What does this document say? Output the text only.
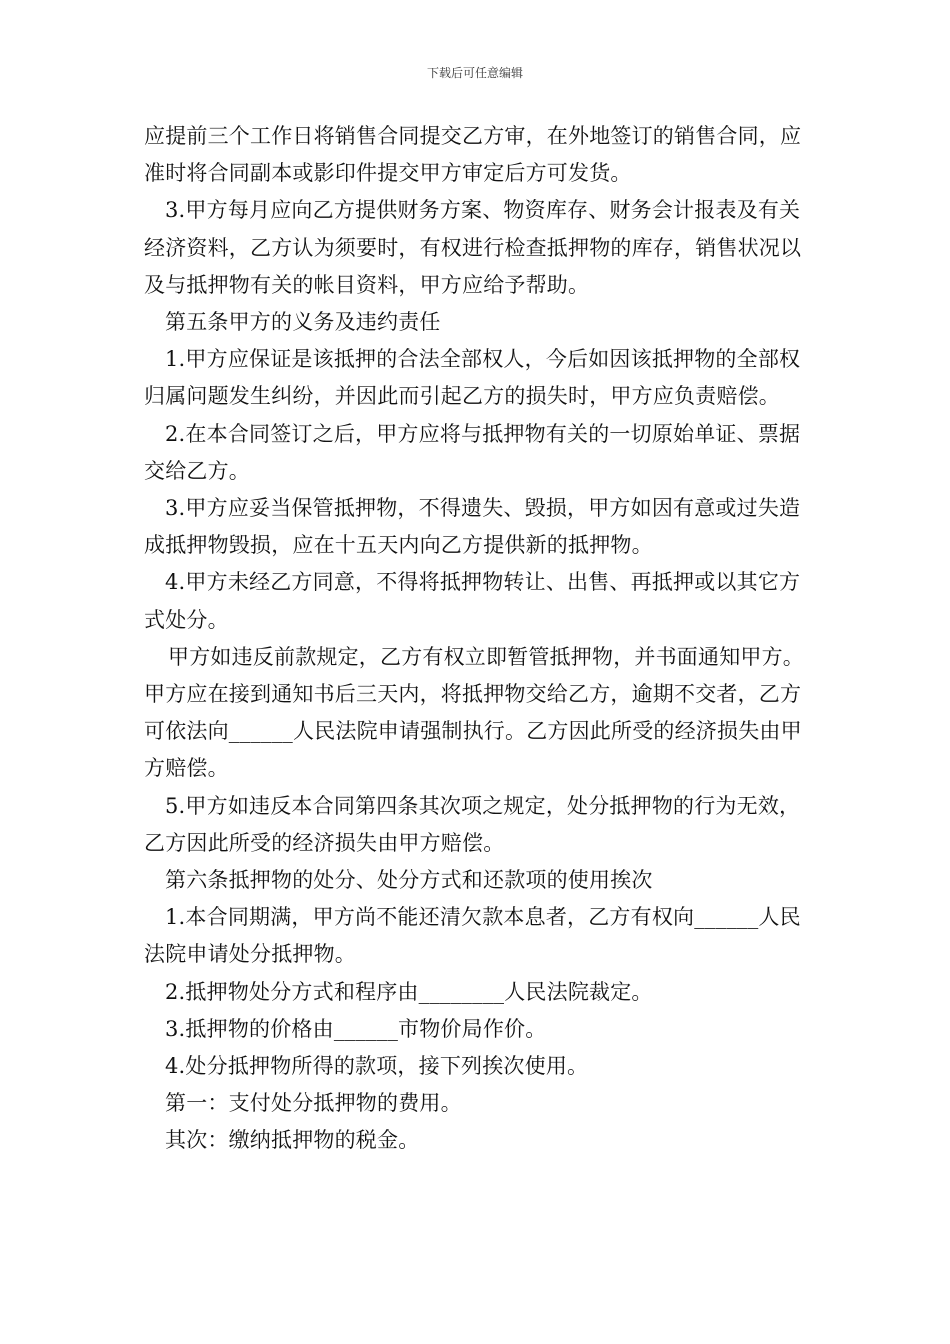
下载后可任意编辑

应提前三个工作日将销售合同提交乙方审，在外地签订的销售合同，应准时将合同副本或影印件提交甲方审定后方可发货。

3.甲方每月应向乙方提供财务方案、物资库存、财务会计报表及有关经济资料，乙方认为须要时，有权进行检查抵押物的库存，销售状况以及与抵押物有关的帐目资料，甲方应给予帮助。

第五条甲方的义务及违约责任

1.甲方应保证是该抵押的合法全部权人，今后如因该抵押物的全部权归属问题发生纠纷，并因此而引起乙方的损失时，甲方应负责赔偿。

2.在本合同签订之后，甲方应将与抵押物有关的一切原始单证、票据交给乙方。

3.甲方应妥当保管抵押物，不得遗失、毁损，甲方如因有意或过失造成抵押物毁损，应在十五天内向乙方提供新的抵押物。

4.甲方未经乙方同意，不得将抵押物转让、出售、再抵押或以其它方式处分。

甲方如违反前款规定，乙方有权立即暂管抵押物，并书面通知甲方。甲方应在接到通知书后三天内，将抵押物交给乙方，逾期不交者，乙方可依法向______人民法院申请强制执行。乙方因此所受的经济损失由甲方赔偿。

5.甲方如违反本合同第四条其次项之规定，处分抵押物的行为无效，乙方因此所受的经济损失由甲方赔偿。

第六条抵押物的处分、处分方式和还款项的使用挨次

1.本合同期满，甲方尚不能还清欠款本息者，乙方有权向______人民法院申请处分抵押物。

2.抵押物处分方式和程序由________人民法院裁定。

3.抵押物的价格由______市物价局作价。

4.处分抵押物所得的款项，接下列挨次使用。

第一：支付处分抵押物的费用。

其次：缴纳抵押物的税金。
